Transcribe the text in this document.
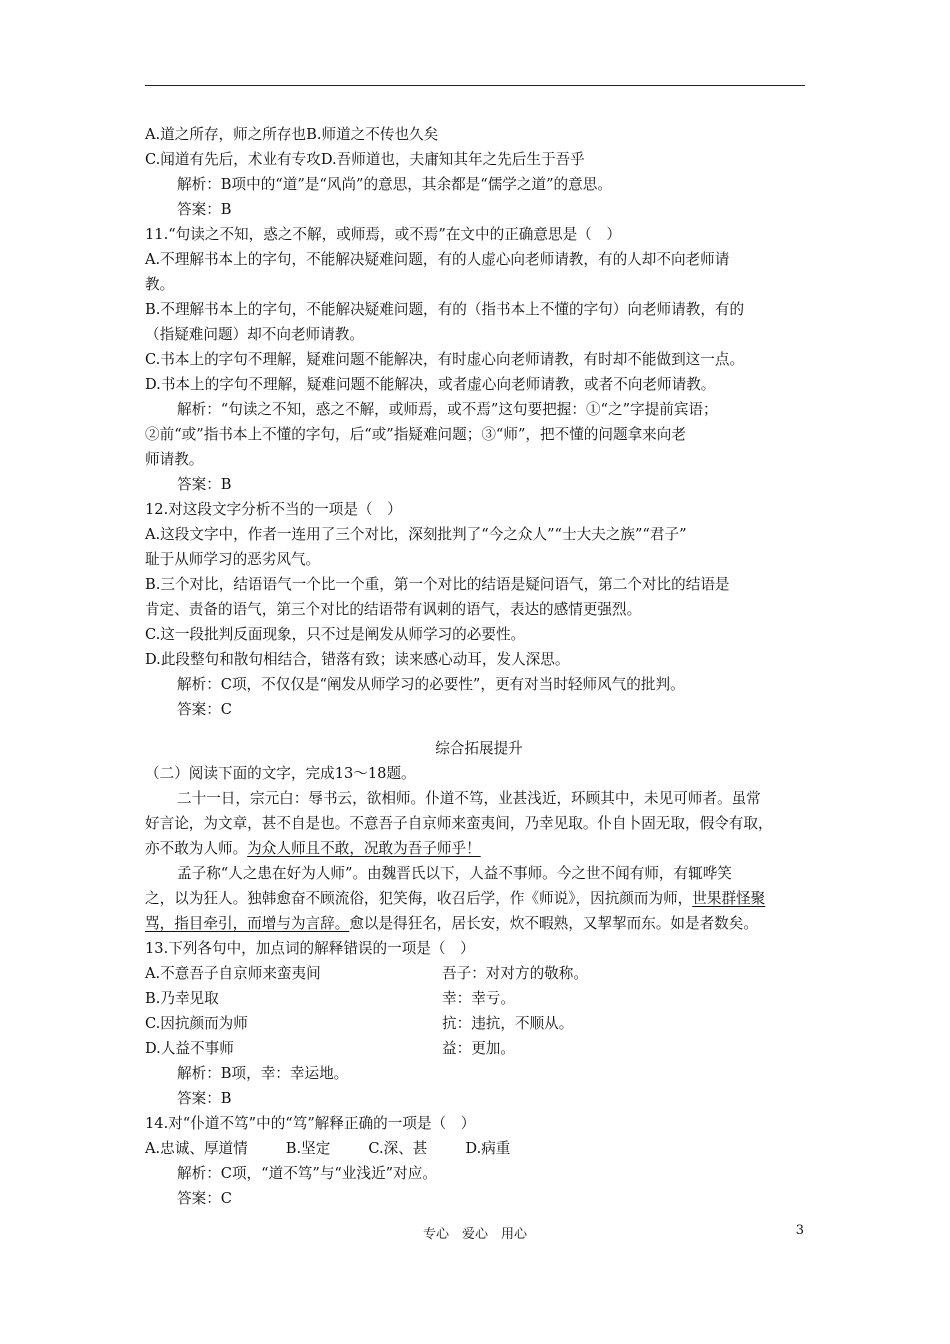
A.道之所存，师之所存也B.师道之不传也久矣
C.闻道有先后，术业有专攻D.吾师道也，夫庸知其年之先后生于吾乎
解析：B项中的“道”是“风尚”的意思，其余都是“儒学之道”的意思。
答案：B
11.“句读之不知，惑之不解，或师焉，或不焉”在文中的正确意思是（　）
A.不理解书本上的字句，不能解决疑难问题，有的人虚心向老师请教，有的人却不向老师请
教。
B.不理解书本上的字句，不能解决疑难问题，有的（指书本上不懂的字句）向老师请教，有的
（指疑难问题）却不向老师请教。
C.书本上的字句不理解，疑难问题不能解决，有时虚心向老师请教，有时却不能做到这一点。
D.书本上的字句不理解，疑难问题不能解决，或者虚心向老师请教，或者不向老师请教。
解析：“句读之不知，惑之不解，或师焉，或不焉”这句要把握：①“之”字提前宾语；
②前“或”指书本上不懂的字句，后“或”指疑难问题；③“师”，把不懂的问题拿来向老
师请教。
答案：B
12.对这段文字分析不当的一项是（　）
A.这段文字中，作者一连用了三个对比，深刻批判了“今之众人”“士大夫之族”“君子”
耻于从师学习的恶劣风气。
B.三个对比，结语语气一个比一个重，第一个对比的结语是疑问语气，第二个对比的结语是
肯定、责备的语气，第三个对比的结语带有讽刺的语气，表达的感情更强烈。
C.这一段批判反面现象，只不过是阐发从师学习的必要性。
D.此段整句和散句相结合，错落有致；读来感心动耳，发人深思。
解析：C项，不仅仅是“阐发从师学习的必要性”，更有对当时轻师风气的批判。
答案：C
综合拓展提升
（二）阅读下面的文字，完成13～18题。
二十一日，宗元白：辱书云，欲相师。仆道不笃，业甚浅近，环顾其中，未见可师者。虽常
好言论，为文章，甚不自是也。不意吾子自京师来蛮夷间，乃幸见取。仆自卜固无取，假令有取，
亦不敢为人师。为众人师且不敢，况敢为吾子师乎！
孟子称“人之患在好为人师”。由魏晋氏以下，人益不事师。今之世不闻有师，有辄哗笑
之，以为狂人。独韩愈奋不顾流俗，犯笑侮，收召后学，作《师说》，因抗颜而为师，世果群怪聚
骂，指目牵引，而增与为言辞。愈以是得狂名，居长安，炊不暇熟，又挈挈而东。如是者数矣。
13.下列各句中，加点词的解释错误的一项是（　）
A.不意吾子自京师来蛮夷间	吾子：对对方的敬称。
B.乃幸见取	幸：幸亏。
C.因抗颜而为师	抗：违抗，不顺从。
D.人益不事师	益：更加。
解析：B项，幸：幸运地。
答案：B
14.对“仆道不笃”中的“笃”解释正确的一项是（　）
A.忠诚、厚道情	B.坚定	C.深、甚	D.病重
解析：C项，“道不笃”与“业浅近”对应。
答案：C
专心　爱心　用心	3
